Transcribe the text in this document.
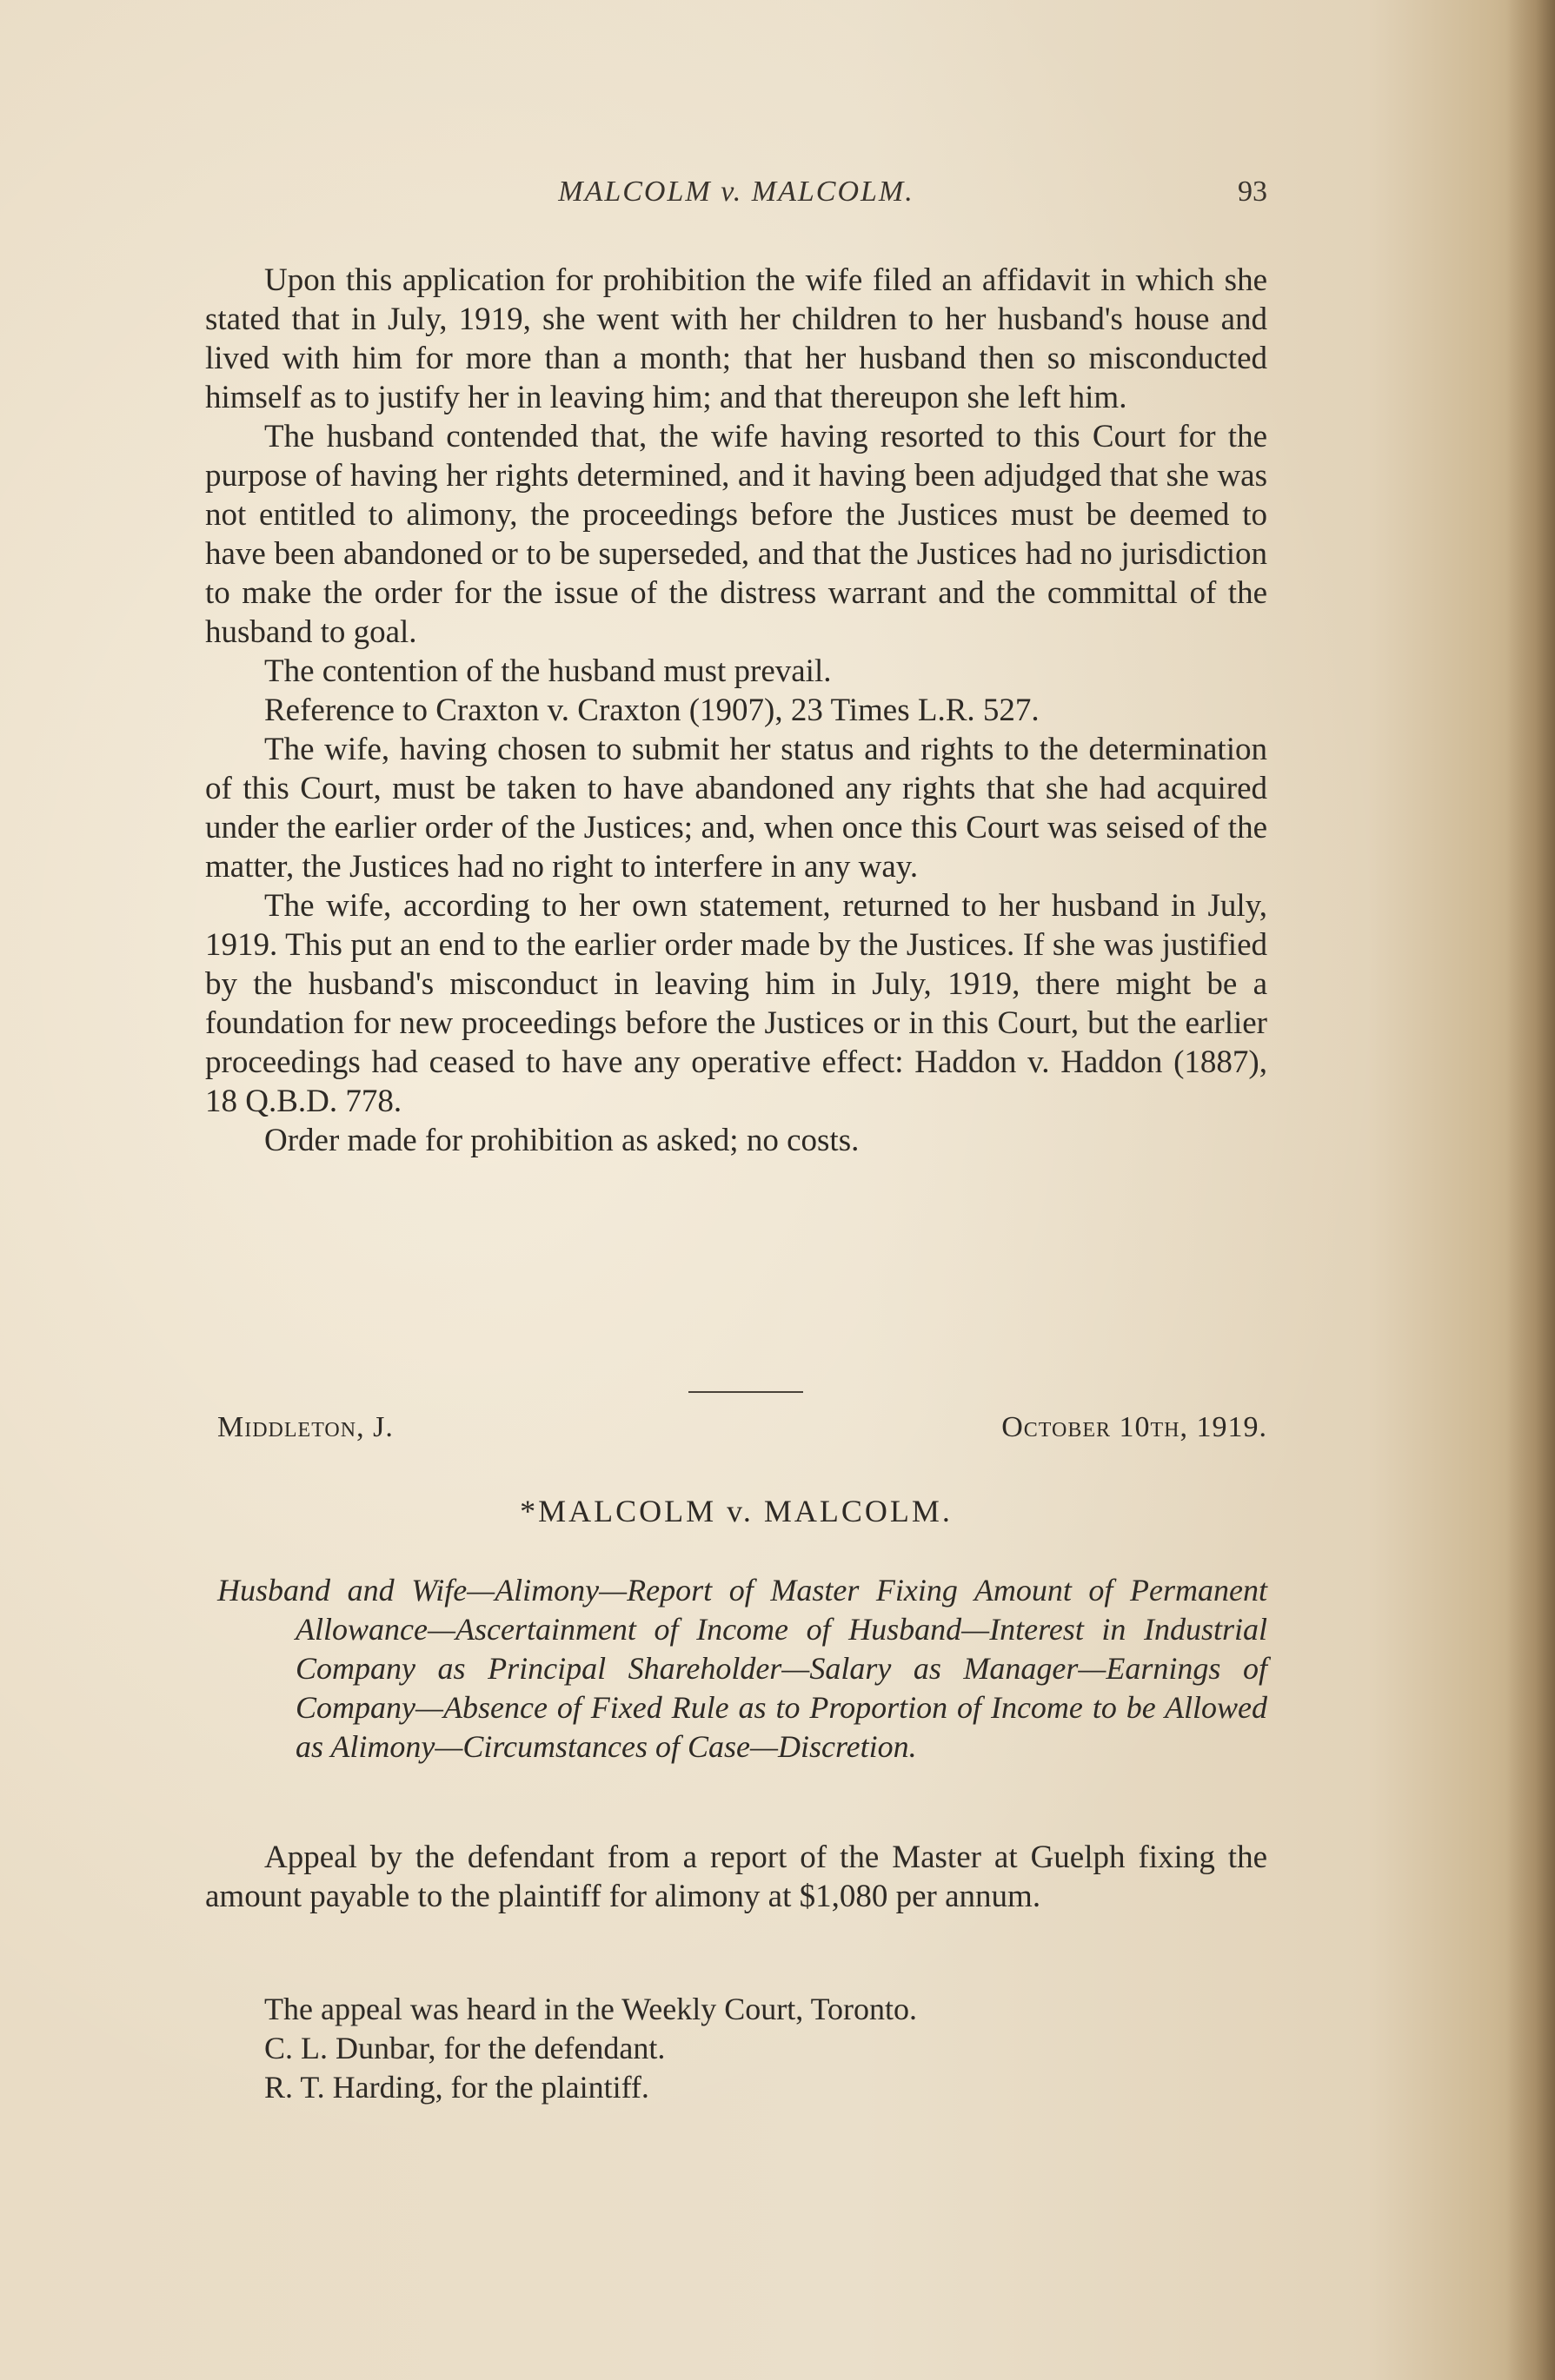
MALCOLM v. MALCOLM.	93

Upon this application for prohibition the wife filed an affidavit in which she stated that in July, 1919, she went with her children to her husband's house and lived with him for more than a month; that her husband then so misconducted himself as to justify her in leaving him; and that thereupon she left him.

The husband contended that, the wife having resorted to this Court for the purpose of having her rights determined, and it having been adjudged that she was not entitled to alimony, the proceedings before the Justices must be deemed to have been abandoned or to be superseded, and that the Justices had no jurisdiction to make the order for the issue of the distress warrant and the committal of the husband to goal.

The contention of the husband must prevail.

Reference to Craxton v. Craxton (1907), 23 Times L.R. 527.

The wife, having chosen to submit her status and rights to the determination of this Court, must be taken to have abandoned any rights that she had acquired under the earlier order of the Justices; and, when once this Court was seised of the matter, the Justices had no right to interfere in any way.

The wife, according to her own statement, returned to her husband in July, 1919. This put an end to the earlier order made by the Justices. If she was justified by the husband's misconduct in leaving him in July, 1919, there might be a foundation for new proceedings before the Justices or in this Court, but the earlier proceedings had ceased to have any operative effect: Haddon v. Haddon (1887), 18 Q.B.D. 778.

Order made for prohibition as asked; no costs.

Middleton, J.	October 10th, 1919.
*MALCOLM v. MALCOLM.
Husband and Wife—Alimony—Report of Master Fixing Amount of Permanent Allowance—Ascertainment of Income of Husband—Interest in Industrial Company as Principal Shareholder—Salary as Manager—Earnings of Company—Absence of Fixed Rule as to Proportion of Income to be Allowed as Alimony—Circumstances of Case—Discretion.

Appeal by the defendant from a report of the Master at Guelph fixing the amount payable to the plaintiff for alimony at $1,080 per annum.

The appeal was heard in the Weekly Court, Toronto.

C. L. Dunbar, for the defendant.

R. T. Harding, for the plaintiff.
